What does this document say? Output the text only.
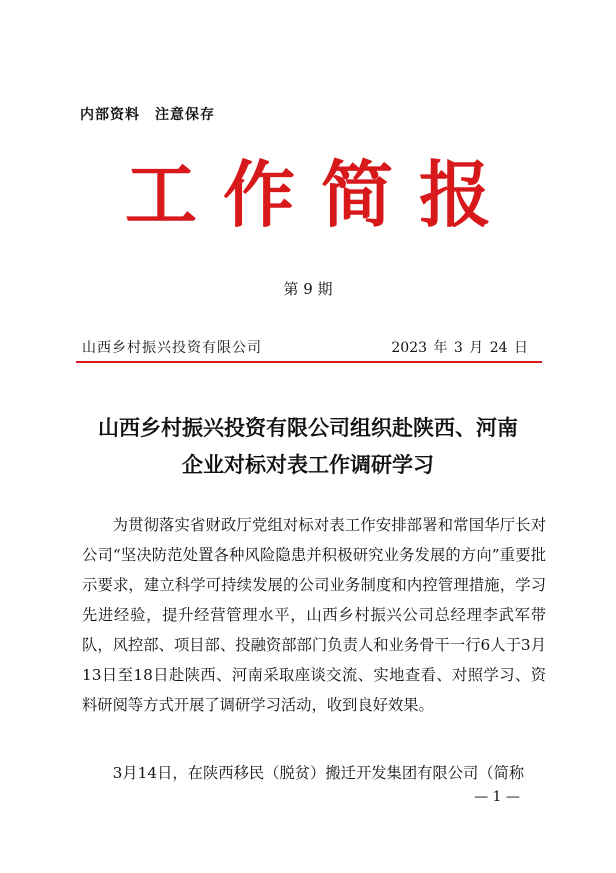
内部资料　注意保存
工作简报
第 9 期
山西乡村振兴投资有限公司	2023 年 3 月 24 日
山西乡村振兴投资有限公司组织赴陕西、河南
企业对标对表工作调研学习
为贯彻落实省财政厅党组对标对表工作安排部署和常国华厅长对公司“坚决防范处置各种风险隐患并积极研究业务发展的方向”重要批示要求，建立科学可持续发展的公司业务制度和内控管理措施，学习先进经验，提升经营管理水平，山西乡村振兴公司总经理李武军带队，风控部、项目部、投融资部部门负责人和业务骨干一行6人于3月13日至18日赴陕西、河南采取座谈交流、实地查看、对照学习、资料研阅等方式开展了调研学习活动，收到良好效果。
3月14日，在陕西移民（脱贫）搬迁开发集团有限公司（简称
— 1 —
